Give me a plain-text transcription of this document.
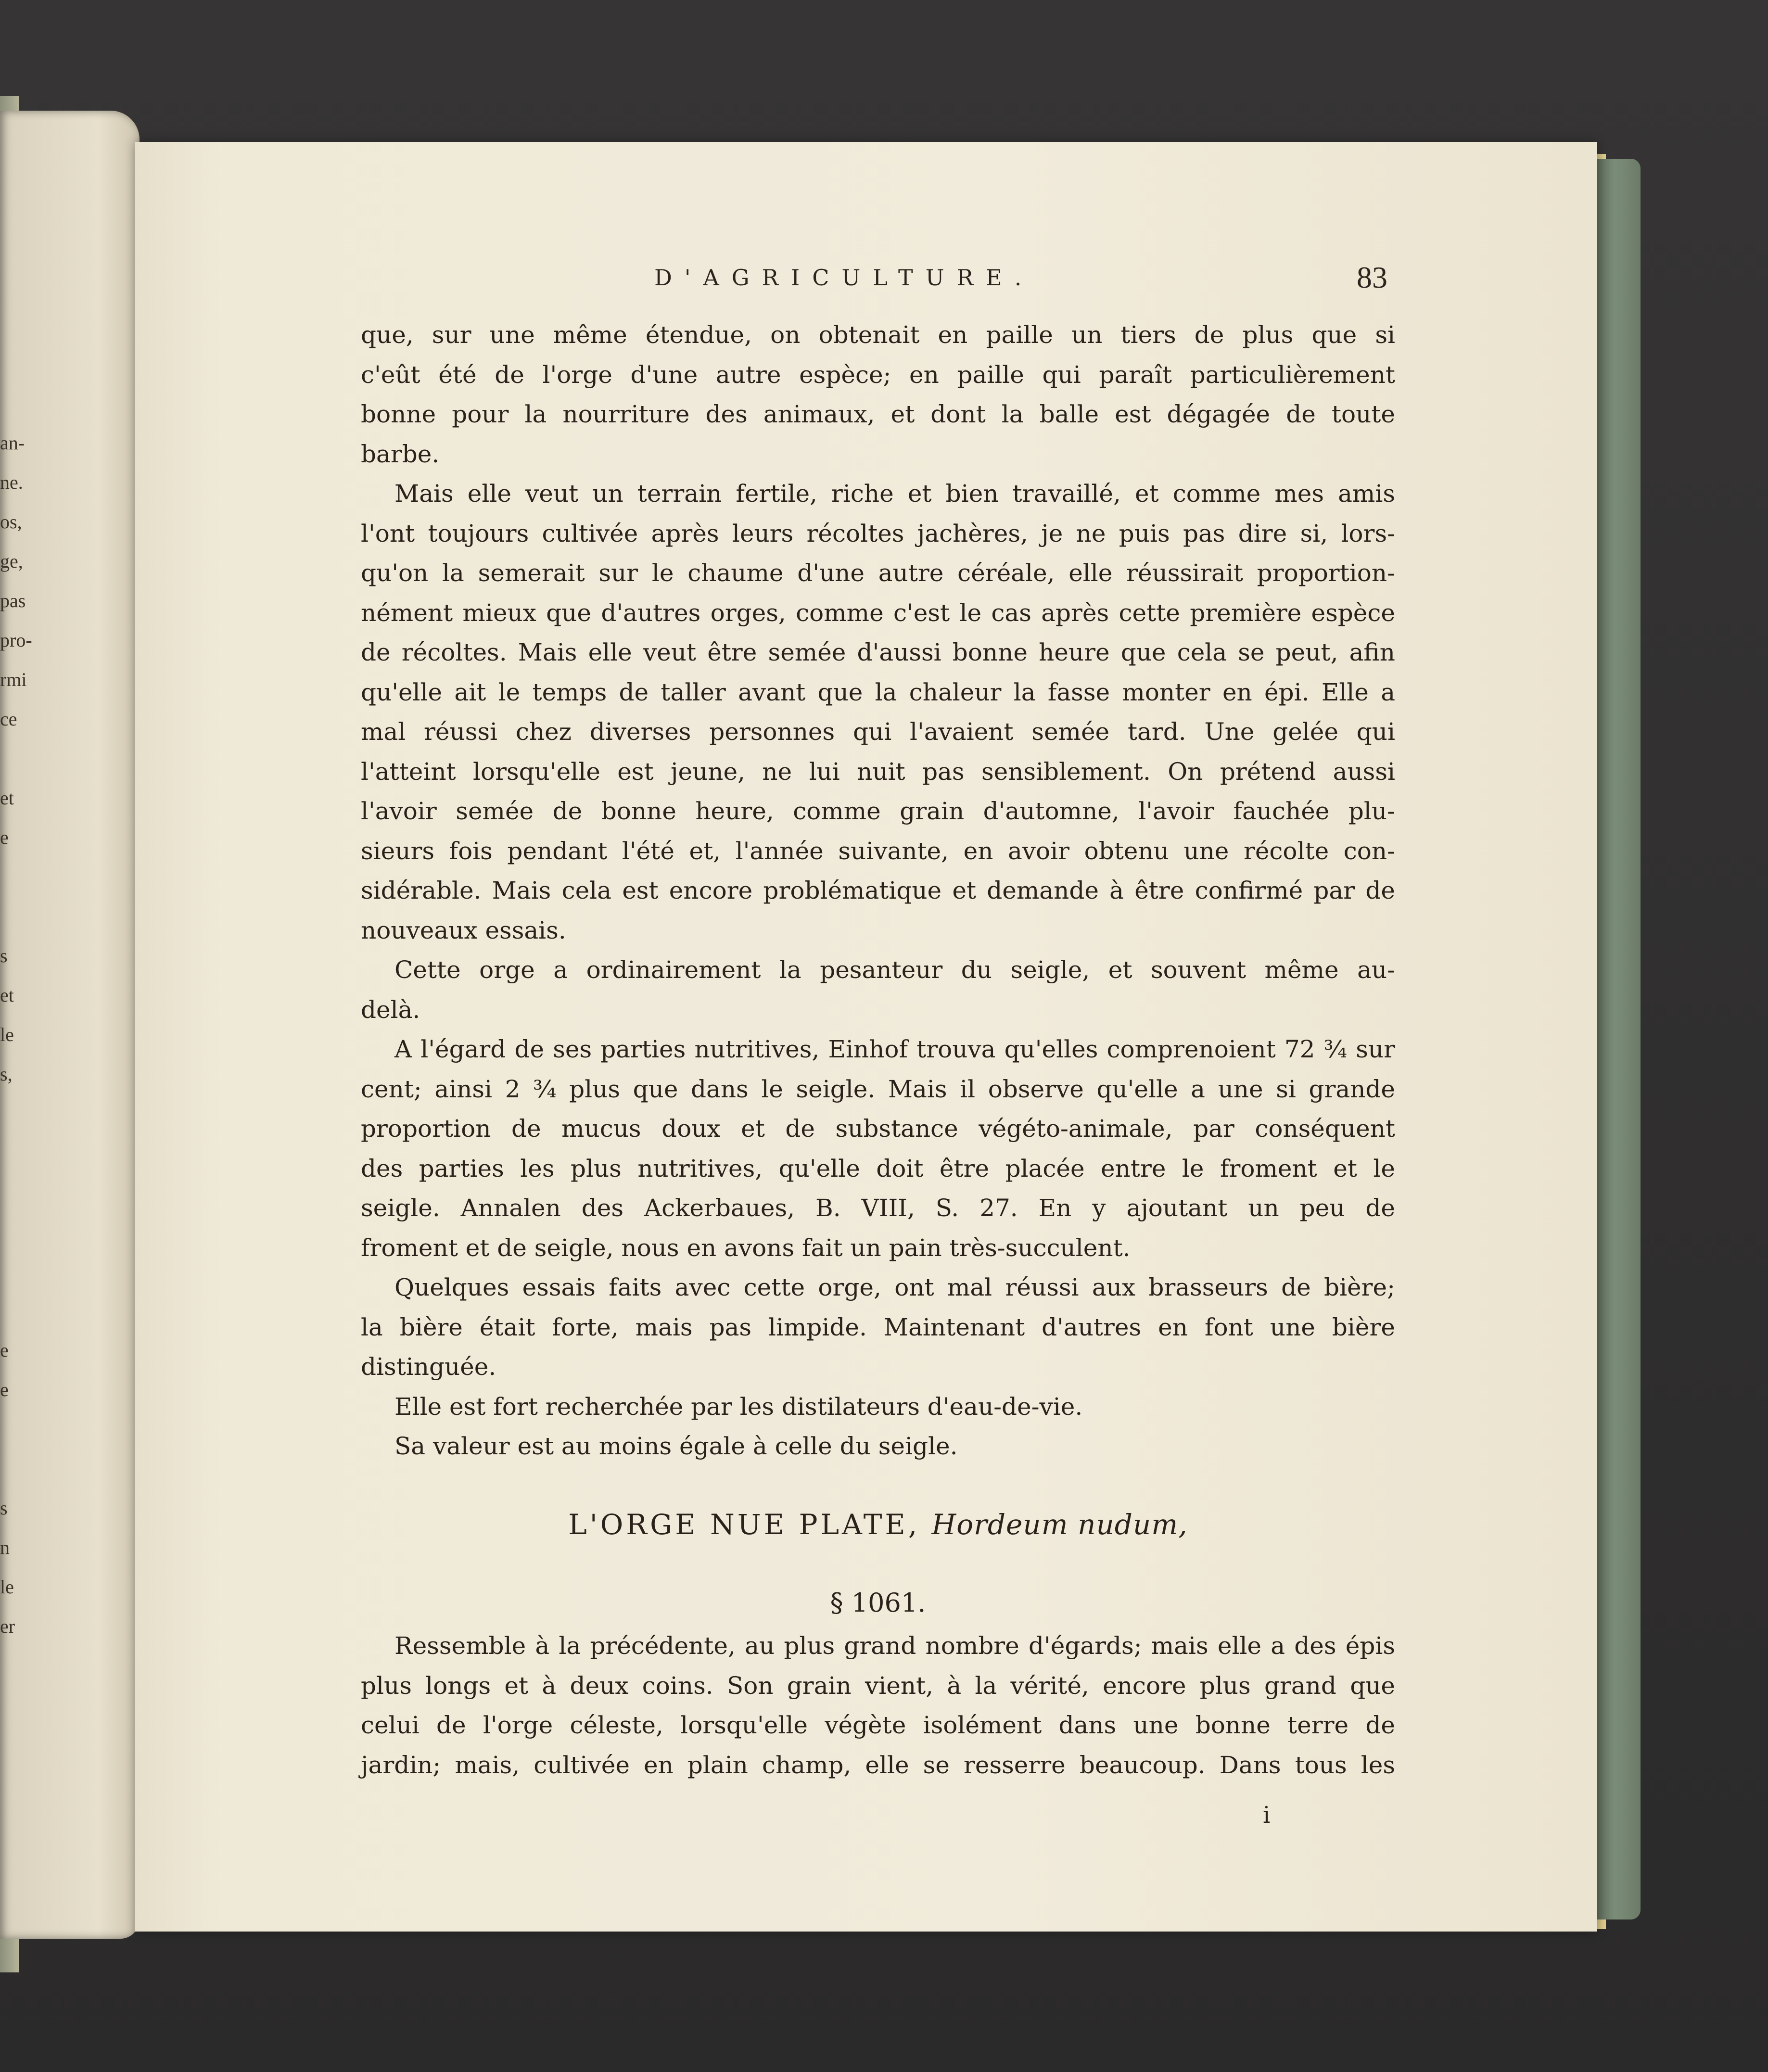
an-
ne.
os,
ge,
pas
pro-
rmi
ce
et
e
s
et
le
s,
e
e
s
n
le
er
D'AGRICULTURE.	83
que, sur une même étendue, on obtenait en paille un tiers de plus que si
c'eût été de l'orge d'une autre espèce; en paille qui paraît particulièrement
bonne pour la nourriture des animaux, et dont la balle est dégagée de toute
barbe.
Mais elle veut un terrain fertile, riche et bien travaillé, et comme mes amis
l'ont toujours cultivée après leurs récoltes jachères, je ne puis pas dire si, lors-
qu'on la semerait sur le chaume d'une autre céréale, elle réussirait proportion-
nément mieux que d'autres orges, comme c'est le cas après cette première espèce
de récoltes. Mais elle veut être semée d'aussi bonne heure que cela se peut, afin
qu'elle ait le temps de taller avant que la chaleur la fasse monter en épi. Elle a
mal réussi chez diverses personnes qui l'avaient semée tard. Une gelée qui
l'atteint lorsqu'elle est jeune, ne lui nuit pas sensiblement. On prétend aussi
l'avoir semée de bonne heure, comme grain d'automne, l'avoir fauchée plu-
sieurs fois pendant l'été et, l'année suivante, en avoir obtenu une récolte con-
sidérable. Mais cela est encore problématique et demande à être confirmé par de
nouveaux essais.
Cette orge a ordinairement la pesanteur du seigle, et souvent même au-
delà.
A l'égard de ses parties nutritives, Einhof trouva qu'elles comprenoient 72 ¾ sur
cent; ainsi 2 ¾ plus que dans le seigle. Mais il observe qu'elle a une si grande
proportion de mucus doux et de substance végéto-animale, par conséquent
des parties les plus nutritives, qu'elle doit être placée entre le froment et le
seigle. Annalen des Ackerbaues, B. VIII, S. 27. En y ajoutant un peu de
froment et de seigle, nous en avons fait un pain très-succulent.
Quelques essais faits avec cette orge, ont mal réussi aux brasseurs de bière;
la bière était forte, mais pas limpide. Maintenant d'autres en font une bière
distinguée.
Elle est fort recherchée par les distilateurs d'eau-de-vie.
Sa valeur est au moins égale à celle du seigle.
L'ORGE NUE PLATE, Hordeum nudum,
§ 1061.
Ressemble à la précédente, au plus grand nombre d'égards; mais elle a des épis
plus longs et à deux coins. Son grain vient, à la vérité, encore plus grand que
celui de l'orge céleste, lorsqu'elle végète isolément dans une bonne terre de
jardin; mais, cultivée en plain champ, elle se resserre beaucoup. Dans tous les
i
